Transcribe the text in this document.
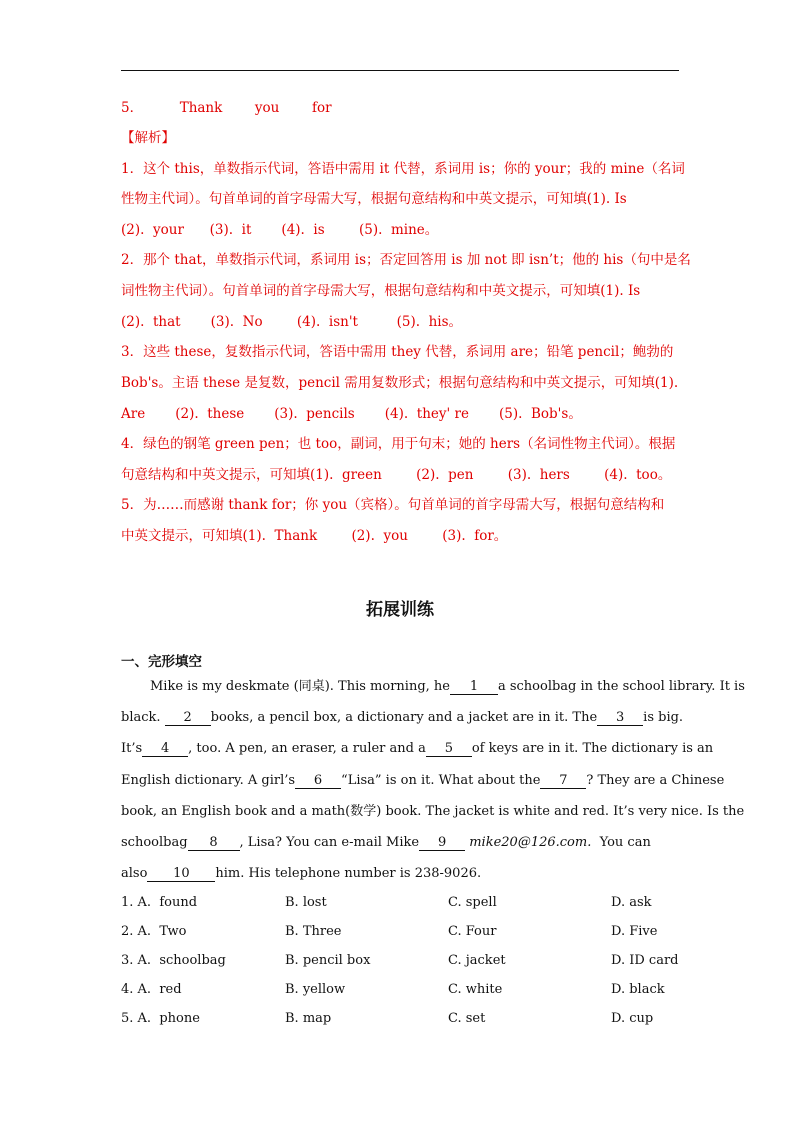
5．	Thank you for
【解析】
1．这个 this，单数指示代词，答语中需用 it 代替，系词用 is；你的 your；我的 mine（名词
性物主代词）。句首单词的首字母需大写，根据句意结构和中英文提示，可知填(1). Is
(2).  your      (3).  it       (4).  is        (5).  mine。
2．那个 that，单数指示代词，系词用 is；否定回答用 is 加 not 即 isn’t；他的 his（句中是名
词性物主代词）。句首单词的首字母需大写，根据句意结构和中英文提示，可知填(1). Is
(2).  that       (3).  No        (4).  isn't         (5).  his。
3．这些 these，复数指示代词，答语中需用 they 代替，系词用 are；铅笔 pencil；鲍勃的
Bob's。主语 these 是复数，pencil 需用复数形式；根据句意结构和中英文提示，可知填(1).
Are       (2).  these       (3).  pencils       (4).  they' re       (5).  Bob's。
4．绿色的钢笔 green pen；也 too，副词，用于句末；她的 hers（名词性物主代词）。根据
句意结构和中英文提示，可知填(1).  green        (2).  pen        (3).  hers        (4).  too。
5．为……而感谢 thank for；你 you（宾格）。句首单词的首字母需大写，根据句意结构和
中英文提示，可知填(1).  Thank        (2).  you        (3).  for。
拓展训练
一、完形填空
Mike is my deskmate (同桌). This morning, he 1 a schoolbag in the school library. It is
black. 2 books, a pencil box, a dictionary and a jacket are in it. The 3 is big.
It’s 4 , too. A pen, an eraser, a ruler and a 5 of keys are in it. The dictionary is an
English dictionary. A girl’s 6 “Lisa” is on it. What about the 7 ? They are a Chinese
book, an English book and a math(数学) book. The jacket is white and red. It’s very nice. Is the
schoolbag 8 , Lisa? You can e-mail Mike 9 mike20@126.com. You can
also 10 him. His telephone number is 238-9026.
1. A. found	B. lost	C. spell	D. ask
2. A. Two	B. Three	C. Four	D. Five
3. A. schoolbag	B. pencil box	C. jacket	D. ID card
4. A. red	B. yellow	C. white	D. black
5. A. phone	B. map	C. set	D. cup
